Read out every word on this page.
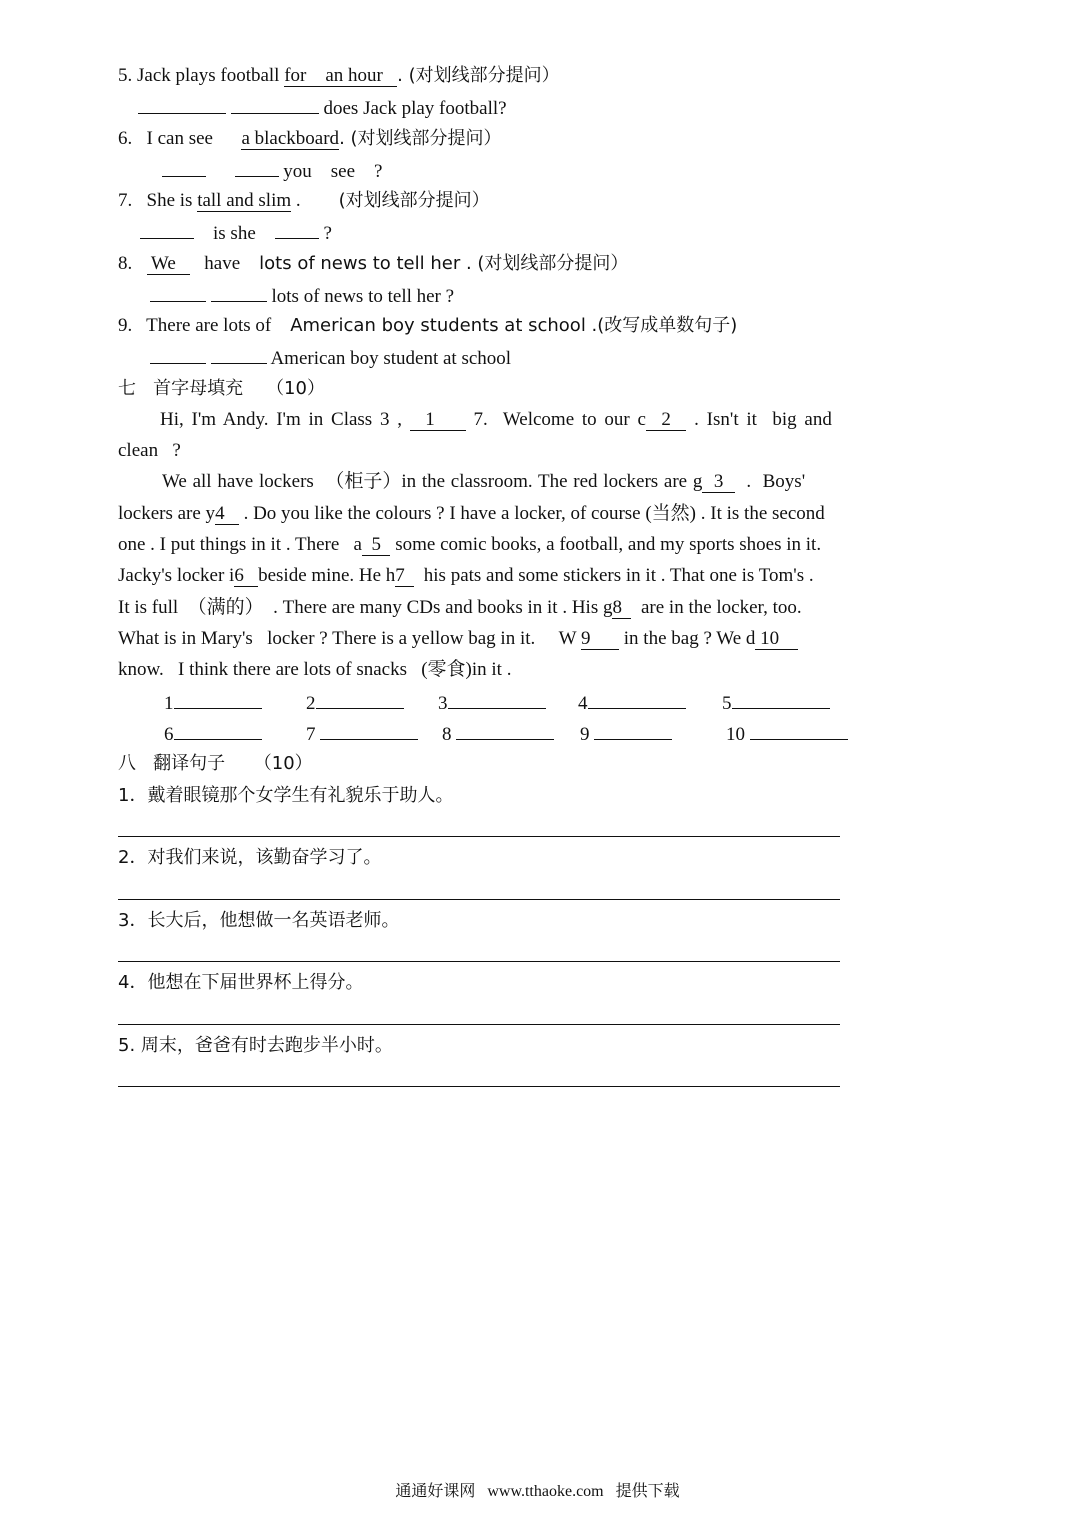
5. Jack plays football for    an hour   . (对划线部分提问）
does Jack play football?
6. I can see a blackboard. (对划线部分提问）
you see ?
7. She is tall and slim . (对划线部分提问）
is she	?
8. We have lots of news to tell her . (对划线部分提问）
lots of news to tell her ?
9. There are lots of American boy students at school .(改写成单数句子)
American boy student at school
七 首字母填充 （10）
Hi, I'm Andy. I'm in Class 3 ,   1     7.  Welcome to our c 2   . Isn't it  big and
clean   ?
We all have lockers  （柜子）in the classroom. The red lockers are g 3    .  Boys'
lockers are y4    . Do you like the colours ? I have a locker, of course (当然) . It is the second
one . I put things in it . There   a 5   some comic books, a football, and my sports shoes in it.
Jacky's locker i6 beside mine. He h7    his pats and some stickers in it . That one is Tom's .
It is full  （满的）  . There are many CDs and books in it . His g8    are in the locker, too.
What is in Mary's   locker ? There is a yellow bag in it.     W 9       in the bag ? We d 10
know.   I think there are lots of snacks   (零食)in it .
1	2	3	4	5
6	7	8	9	10
八 翻译句子 （10）
1．戴着眼镜那个女学生有礼貌乐于助人。
2．对我们来说，该勤奋学习了。
3．长大后，他想做一名英语老师。
4．他想在下届世界杯上得分。
5. 周末，爸爸有时去跑步半小时。
通通好课网 www.tthaoke.com 提供下载
